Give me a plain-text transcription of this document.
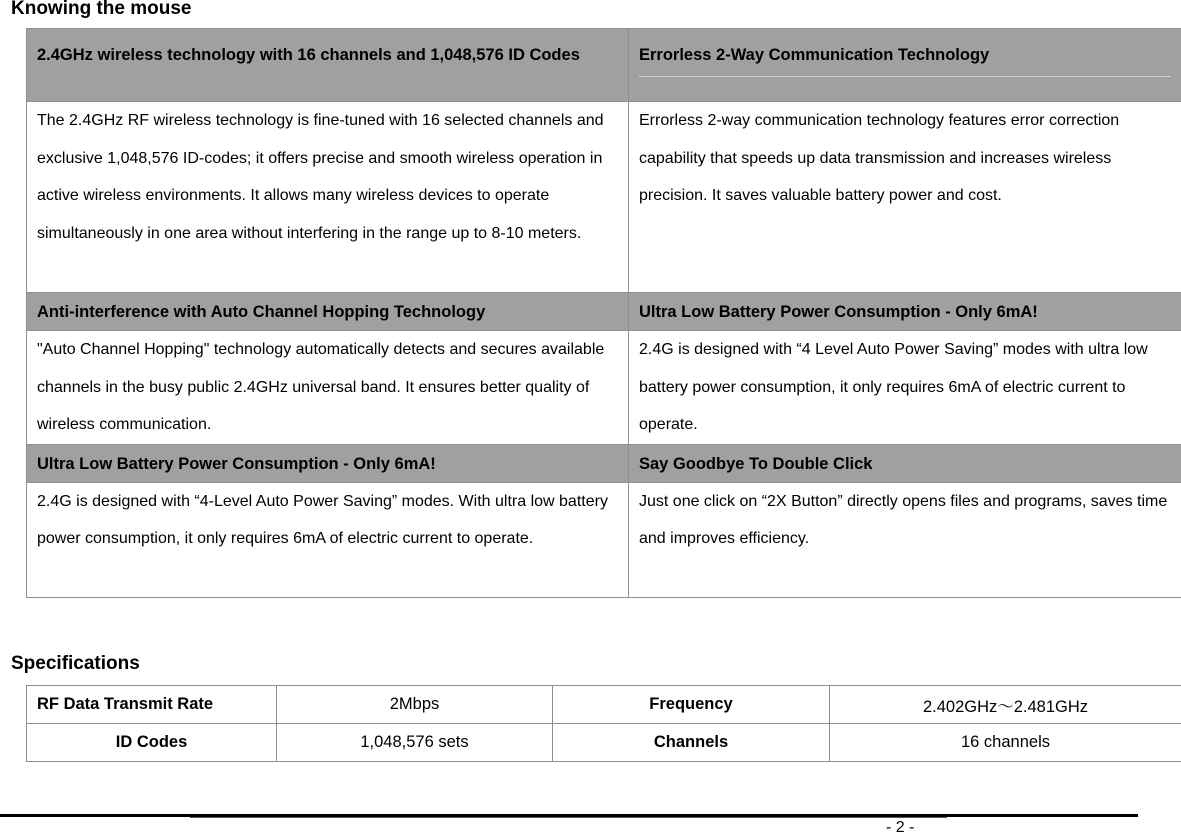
Knowing the mouse
2.4GHz wireless technology with 16 channels and 1,048,576 ID Codes	Errorless 2-Way Communication Technology

The 2.4GHz RF wireless technology is fine-tuned with 16 selected channels and exclusive 1,048,576 ID-codes; it offers precise and smooth wireless operation in active wireless environments. It allows many wireless devices to operate simultaneously in one area without interfering in the range up to 8-10 meters.	Errorless 2-way communication technology features error correction capability that speeds up data transmission and increases wireless precision. It saves valuable battery power and cost.
Anti-interference with Auto Channel Hopping Technology	Ultra Low Battery Power Consumption - Only 6mA!
"Auto Channel Hopping" technology automatically detects and secures available channels in the busy public 2.4GHz universal band. It ensures better quality of wireless communication.	2.4G is designed with “4 Level Auto Power Saving” modes with ultra low battery power consumption, it only requires 6mA of electric current to operate.
Ultra Low Battery Power Consumption - Only 6mA!	Say Goodbye To Double Click
2.4G is designed with “4-Level Auto Power Saving” modes. With ultra low battery power consumption, it only requires 6mA of electric current to operate.	Just one click on “2X Button” directly opens files and programs, saves time and improves efficiency.
Specifications
RF Data Transmit Rate	2Mbps	Frequency	2.402GHz～2.481GHz
ID Codes	1,048,576 sets	Channels	16 channels
- 2 -
